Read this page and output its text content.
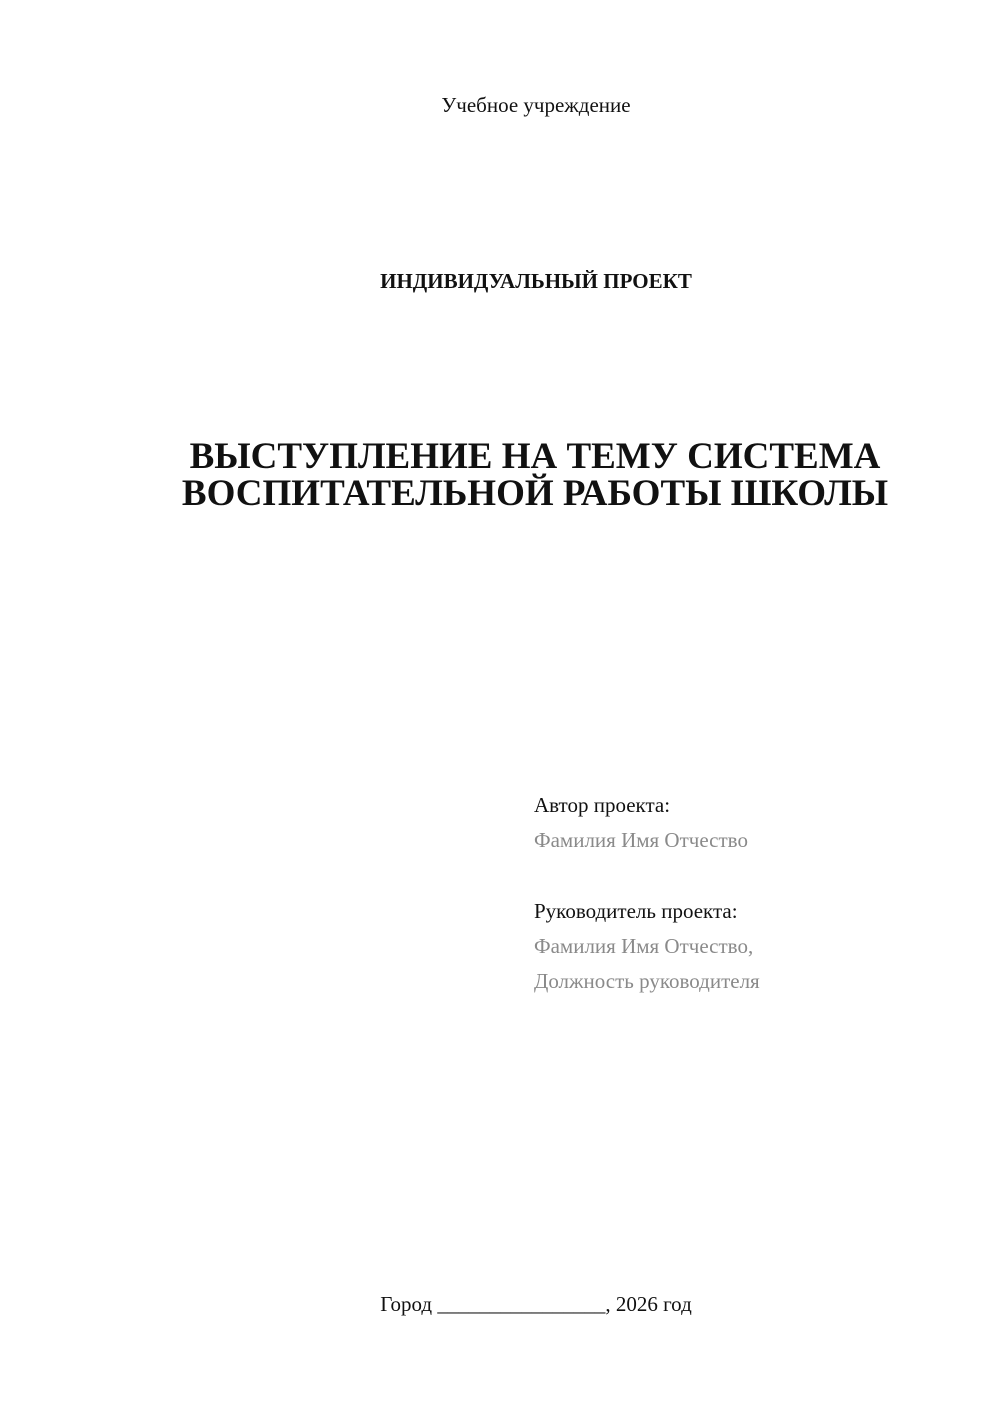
Учебное учреждение
ИНДИВИДУАЛЬНЫЙ ПРОЕКТ
ВЫСТУПЛЕНИЕ НА ТЕМУ СИСТЕМА
ВОСПИТАТЕЛЬНОЙ РАБОТЫ ШКОЛЫ
Автор проекта:
Фамилия Имя Отчество
Руководитель проекта:
Фамилия Имя Отчество,
Должность руководителя
Город ________________, 2026 год
